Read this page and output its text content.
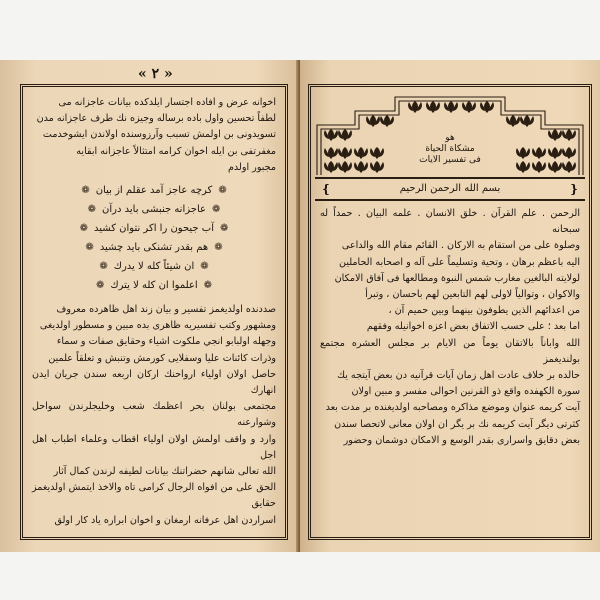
« ٢ »

اخوانه عرض و افاده اجتسار ايلدكده بيانات عاجزانه مى

لطفاً تحسين واول باده برساله وجيزه نك طرف عاجزانه مدن

تسويدونى بن اولمش تسبب وآرزوسنده اولاندن ايشوخدمت

مغفرتفى بن ايله اخوان كرامه امتثالاً عاجزانه ابقايه

مجبور اولدم

❁
كرچه عاجز آمد عقلم از بيان
❁
❁
عاجزانه جنبشى بايد درآن
❁
❁
آب جيحون را اكر نتوان كشيد
❁
❁
هم بقدر تشنكى بايد چشيد
❁
❁
ان شيئاً كله لا يدرك
❁
❁
اعلموا ان كله لا يترك
❁

صددنده اولديغمز تفسير و بيان زند اهل ظاهرده معروف

ومشهور وكتب تفسيريه ظاهرى بده مبين و مسطور اولديغى

وجهله اولبابو انجي ملكوت اشياء وحقايق صفات و سماء

وذرات كائنات عليا وسفلايى كورمش وتنبش و تعلقاً علمين

حاصل اولان اولياء ارواحنك اركان اربعه سندن جريان ايدن انهارك

مجتمعى بولنان بحر اعظمك شعب وخليجلرندن سواحل وشوارعنه

وارد و واقف اولمش اولان اولياء اقطاب وعلماء اطباب اهل اجل

الله تعالى شانهم حضراتنك بيانات لطيفه لرندن كمال آثار

الحق على من افواه الرجال كرامى تاه والاخذ ايتمش اولديغمز حقايق

اسراردن اهل عرفانه ارمغان و اخوان ابراره ياد كار اولق

هو
مشكاة الحياة
فى تفسير الايات
❴
بسم الله الرحمن الرحيم
❵

الرحمن . علم القرآن . خلق الانسان . علمه البيان . حمداً له سبحانه

وصلوة على من استقام به الاركان . القائم مقام الله والداعى

اليه باعظم برهان ، وتحية وتسليماً على آله و اصحابه الحاملين

لولايته البالغين مغارب شمس النبوة ومطالعها فى آفاق الامكان

والاكوان ، وتوالياً لاولى لهم التابعين لهم باحسان ، وتبرأ

من اعدائهم الذين يطوفون بينهما وبين حميم آن ،

اما بعد ؛ على حسب الاتفاق بعض اعزه اخوانيله وفقهم

الله واباناً بالاتقان يوماً من الايام بر مجلس العشره مجتمع بولنديغمز

حالده بر خلاف عادت اهل زمان آيات قرآنيه دن بعض آيتجه يك

سورة الكهفده واقع ذو القرنين احوالى مفسر و مبين اولان

آيت كريمه عنوان وموضع مذاكره ومصاحبه اولديغنده بر مدت بعد

كثرتى ديگر آيت كريمه نك بر يگر ان اولان معانى لاتحصا سندن

بعض دقايق واسرارى بقدر الوسع و الامكان دوشمان وحضور
